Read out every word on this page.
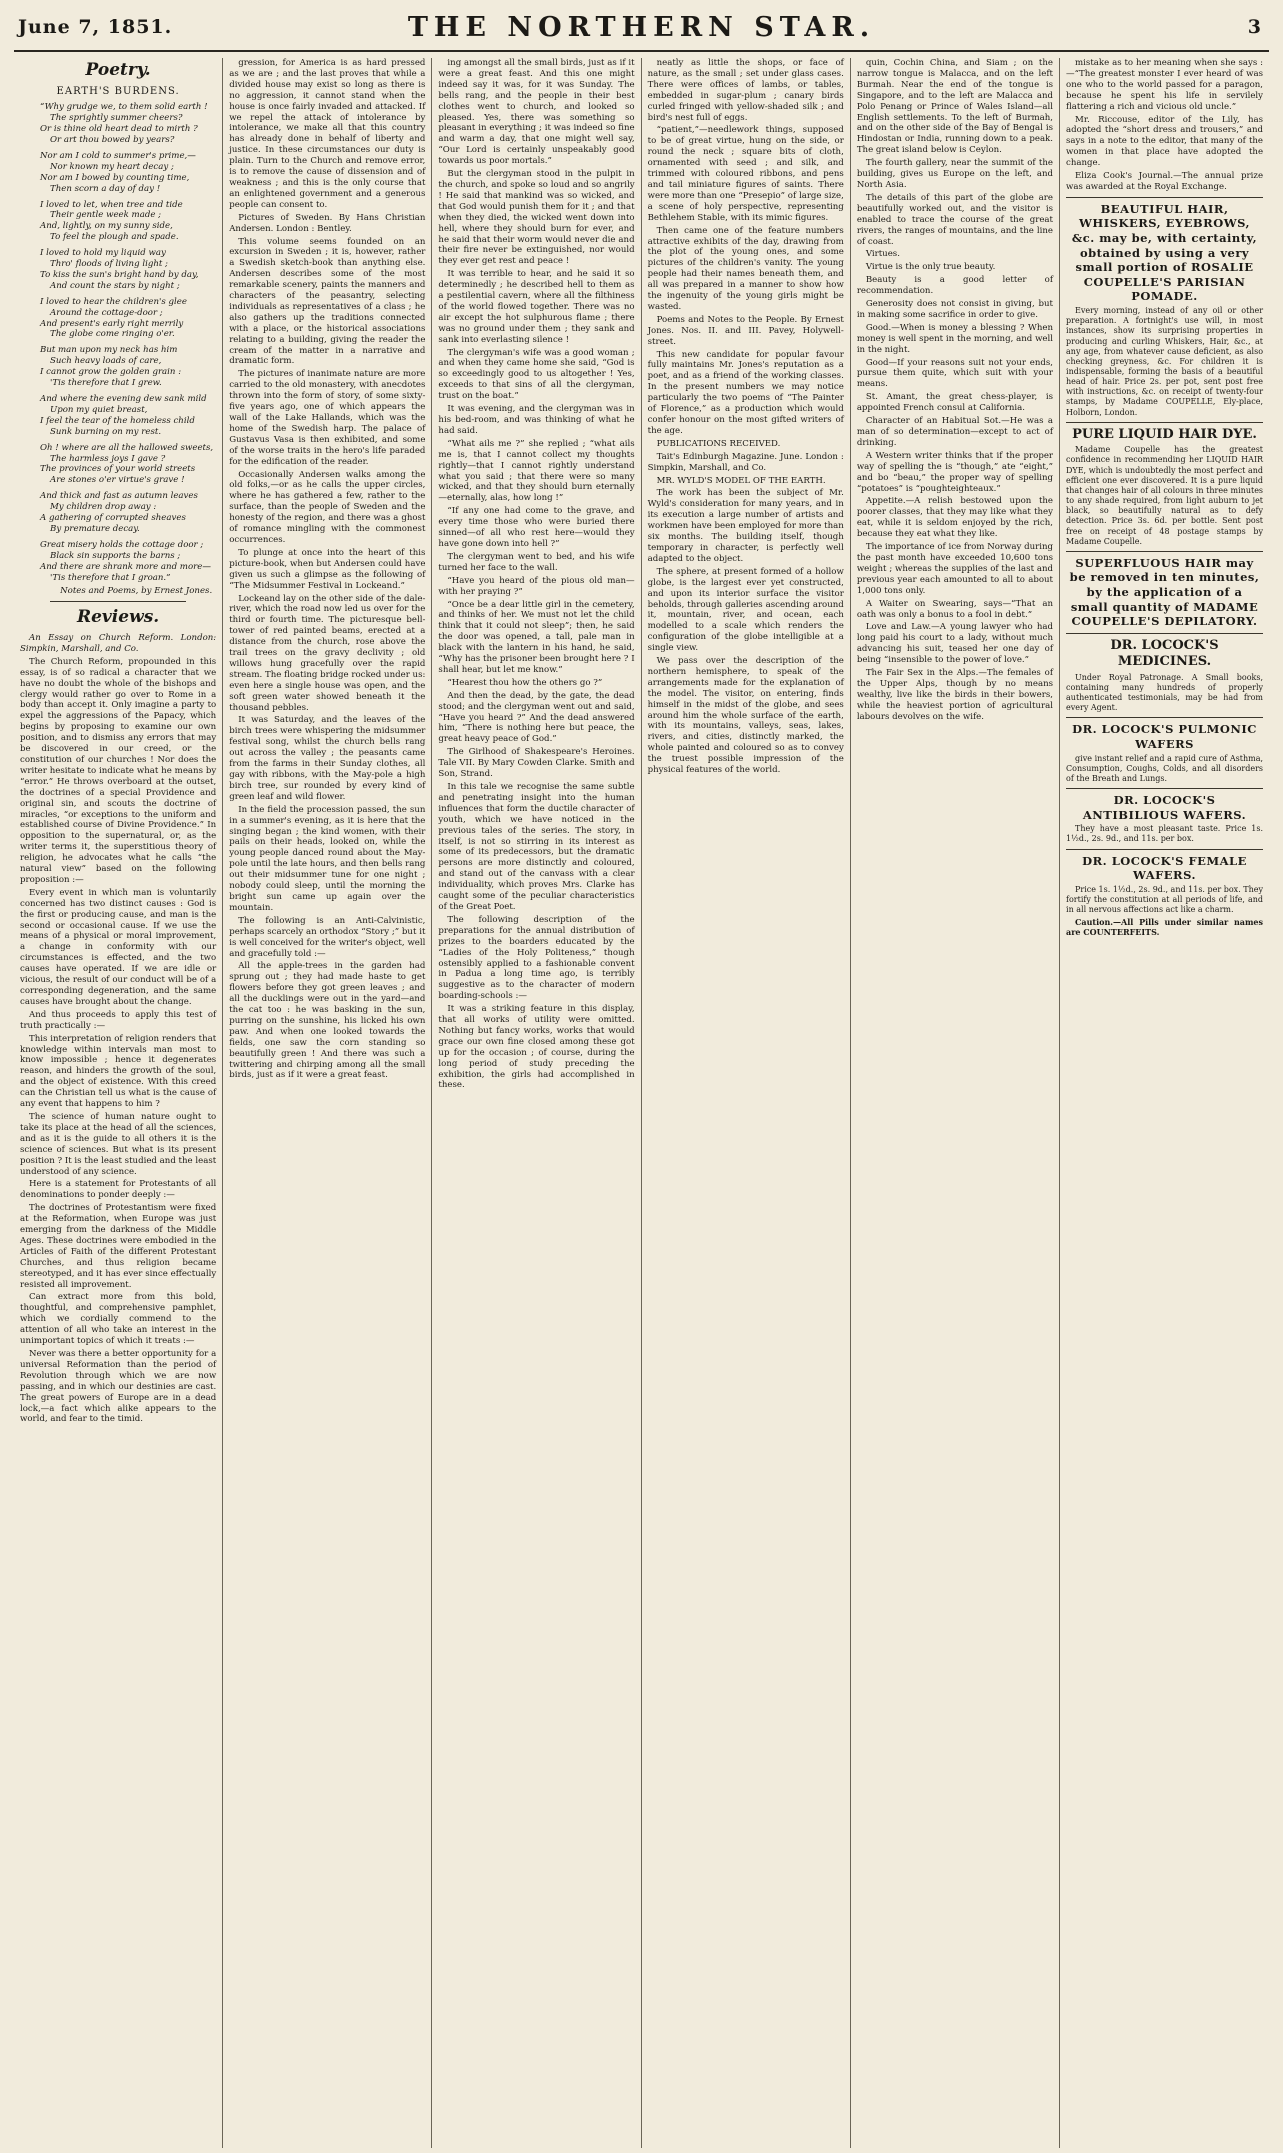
June 7, 1851.	THE NORTHERN STAR.	3
Poetry.
EARTH'S BURDENS.
“Why grudge we, to them solid earth !
The sprightly summer cheers?
Or is thine old heart dead to mirth ?
Or art thou bowed by years?
Nor am I cold to summer's prime,—
Nor known my heart decay ;
Nor am I bowed by counting time,
Then scorn a day of day !
I loved to let, when tree and tide
Their gentle week made ;
And, lightly, on my sunny side,
To feel the plough and spade.
I loved to hold my liquid way
Thro' floods of living light ;
To kiss the sun's bright hand by day,
And count the stars by night ;
I loved to hear the children's glee
Around the cottage-door ;
And present's early right merrily
The globe come ringing o'er.
But man upon my neck has him
Such heavy loads of care,
I cannot grow the golden grain :
'Tis therefore that I grew.
And where the evening dew sank mild
Upon my quiet breast,
I feel the tear of the homeless child
Sunk burning on my rest.
Oh ! where are all the hallowed sweets,
The harmless joys I gave ?
The provinces of your world streets
Are stones o'er virtue's grave !
And thick and fast as autumn leaves
My children drop away :
A gathering of corrupted sheaves
By premature decay.
Great misery holds the cottage door ;
Black sin supports the barns ;
And there are shrank more and more—
'Tis therefore that I groan.”
Notes and Poems, by Ernest Jones.
Reviews.

An Essay on Church Reform. London: Simpkin, Marshall, and Co.

The Church Reform, propounded in this essay, is of so radical a character that we have no doubt the whole of the bishops and clergy would rather go over to Rome in a body than accept it. Only imagine a party to expel the aggressions of the Papacy, which begins by proposing to examine our own position, and to dismiss any errors that may be discovered in our creed, or the constitution of our churches ! Nor does the writer hesitate to indicate what he means by “error.” He throws overboard at the outset, the doctrines of a special Providence and original sin, and scouts the doctrine of miracles, “or exceptions to the uniform and established course of Divine Providence.” In opposition to the supernatural, or, as the writer terms it, the superstitious theory of religion, he advocates what he calls “the natural view” based on the following proposition :—

Every event in which man is voluntarily concerned has two distinct causes : God is the first or producing cause, and man is the second or occasional cause. If we use the means of a physical or moral improvement, a change in conformity with our circumstances is effected, and the two causes have operated. If we are idle or vicious, the result of our conduct will be of a corresponding degeneration, and the same causes have brought about the change.

And thus proceeds to apply this test of truth practically :—

This interpretation of religion renders that knowledge within intervals man most to know impossible ; hence it degenerates reason, and hinders the growth of the soul, and the object of existence. With this creed can the Christian tell us what is the cause of any event that happens to him ?

The science of human nature ought to take its place at the head of all the sciences, and as it is the guide to all others it is the science of sciences. But what is its present position ? It is the least studied and the least understood of any science.

Here is a statement for Protestants of all denominations to ponder deeply :—

The doctrines of Protestantism were fixed at the Reformation, when Europe was just emerging from the darkness of the Middle Ages. These doctrines were embodied in the Articles of Faith of the different Protestant Churches, and thus religion became stereotyped, and it has ever since effectually resisted all improvement.

Can extract more from this bold, thoughtful, and comprehensive pamphlet, which we cordially commend to the attention of all who take an interest in the unimportant topics of which it treats :—

Never was there a better opportunity for a universal Reformation than the period of Revolution through which we are now passing, and in which our destinies are cast. The great powers of Europe are in a dead lock,—a fact which alike appears to the world, and fear to the timid.

gression, for America is as hard pressed as we are ; and the last proves that while a divided house may exist so long as there is no aggression, it cannot stand when the house is once fairly invaded and attacked. If we repel the attack of intolerance by intolerance, we make all that this country has already done in behalf of liberty and justice. In these circumstances our duty is plain. Turn to the Church and remove error, is to remove the cause of dissension and of weakness ; and this is the only course that an enlightened government and a generous people can consent to.

Pictures of Sweden. By Hans Christian Andersen. London : Bentley.

This volume seems founded on an excursion in Sweden ; it is, however, rather a Swedish sketch-book than anything else. Andersen describes some of the most remarkable scenery, paints the manners and characters of the peasantry, selecting individuals as representatives of a class ; he also gathers up the traditions connected with a place, or the historical associations relating to a building, giving the reader the cream of the matter in a narrative and dramatic form.

The pictures of inanimate nature are more carried to the old monastery, with anecdotes thrown into the form of story, of some sixty-five years ago, one of which appears the wall of the Lake Hallands, which was the home of the Swedish harp. The palace of Gustavus Vasa is then exhibited, and some of the worse traits in the hero's life paraded for the edification of the reader.

Occasionally Andersen walks among the old folks,—or as he calls the upper circles, where he has gathered a few, rather to the surface, than the people of Sweden and the honesty of the region, and there was a ghost of romance mingling with the commonest occurrences.

To plunge at once into the heart of this picture-book, when but Andersen could have given us such a glimpse as the following of “The Midsummer Festival in Lockeand.”

Lockeand lay on the other side of the dale-river, which the road now led us over for the third or fourth time. The picturesque bell-tower of red painted beams, erected at a distance from the church, rose above the trail trees on the gravy declivity ; old willows hung gracefully over the rapid stream. The floating bridge rocked under us: even here a single house was open, and the soft green water showed beneath it the thousand pebbles.

It was Saturday, and the leaves of the birch trees were whispering the midsummer festival song, whilst the church bells rang out across the valley ; the peasants came from the farms in their Sunday clothes, all gay with ribbons, with the May-pole a high birch tree, sur rounded by every kind of green leaf and wild flower.

In the field the procession passed, the sun in a summer's evening, as it is here that the singing began ; the kind women, with their pails on their heads, looked on, while the young people danced round about the May-pole until the late hours, and then bells rang out their midsummer tune for one night ; nobody could sleep, until the morning the bright sun came up again over the mountain.

The following is an Anti-Calvinistic, perhaps scarcely an orthodox “Story ;” but it is well conceived for the writer's object, well and gracefully told :—

All the apple-trees in the garden had sprung out ; they had made haste to get flowers before they got green leaves ; and all the ducklings were out in the yard—and the cat too : he was basking in the sun, purring on the sunshine, his licked his own paw. And when one looked towards the fields, one saw the corn standing so beautifully green ! And there was such a twittering and chirping among all the small birds, just as if it were a great feast.

ing amongst all the small birds, just as if it were a great feast. And this one might indeed say it was, for it was Sunday. The bells rang, and the people in their best clothes went to church, and looked so pleased. Yes, there was something so pleasant in everything ; it was indeed so fine and warm a day, that one might well say, “Our Lord is certainly unspeakably good towards us poor mortals.”

But the clergyman stood in the pulpit in the church, and spoke so loud and so angrily ! He said that mankind was so wicked, and that God would punish them for it ; and that when they died, the wicked went down into hell, where they should burn for ever, and he said that their worm would never die and their fire never be extinguished, nor would they ever get rest and peace !

It was terrible to hear, and he said it so determinedly ; he described hell to them as a pestilential cavern, where all the filthiness of the world flowed together. There was no air except the hot sulphurous flame ; there was no ground under them ; they sank and sank into everlasting silence !

The clergyman's wife was a good woman ; and when they came home she said, “God is so exceedingly good to us altogether ! Yes, exceeds to that sins of all the clergyman, trust on the boat.”

It was evening, and the clergyman was in his bed-room, and was thinking of what he had said.

“What ails me ?” she replied ; “what ails me is, that I cannot collect my thoughts rightly—that I cannot rightly understand what you said ; that there were so many wicked, and that they should burn eternally—eternally, alas, how long !”

“If any one had come to the grave, and every time those who were buried there sinned—of all who rest here—would they have gone down into hell ?”

The clergyman went to bed, and his wife turned her face to the wall.

“Have you heard of the pious old man—with her praying ?”

“Once be a dear little girl in the cemetery, and thinks of her. We must not let the child think that it could not sleep”; then, he said the door was opened, a tall, pale man in black with the lantern in his hand, he said, “Why has the prisoner been brought here ? I shall hear, but let me know.”

“Hearest thou how the others go ?”

And then the dead, by the gate, the dead stood; and the clergyman went out and said, “Have you heard ?” And the dead answered him, “There is nothing here but peace, the great heavy peace of God.”

The Girlhood of Shakespeare's Heroines. Tale VII. By Mary Cowden Clarke. Smith and Son, Strand.

In this tale we recognise the same subtle and penetrating insight into the human influences that form the ductile character of youth, which we have noticed in the previous tales of the series. The story, in itself, is not so stirring in its interest as some of its predecessors, but the dramatic persons are more distinctly and coloured, and stand out of the canvass with a clear individuality, which proves Mrs. Clarke has caught some of the peculiar characteristics of the Great Poet.

The following description of the preparations for the annual distribution of prizes to the boarders educated by the “Ladies of the Holy Politeness,” though ostensibly applied to a fashionable convent in Padua a long time ago, is terribly suggestive as to the character of modern boarding-schools :—

It was a striking feature in this display, that all works of utility were omitted. Nothing but fancy works, works that would grace our own fine closed among these got up for the occasion ; of course, during the long period of study preceding the exhibition, the girls had accomplished in these.

neatly as little the shops, or face of nature, as the small ; set under glass cases. There were offices of lambs, or tables, embedded in sugar-plum ; canary birds curled fringed with yellow-shaded silk ; and bird's nest full of eggs.

“patient,”—needlework things, supposed to be of great virtue, hung on the side, or round the neck ; square bits of cloth, ornamented with seed ; and silk, and trimmed with coloured ribbons, and pens and tail miniature figures of saints. There were more than one “Presepio” of large size, a scene of holy perspective, representing Bethlehem Stable, with its mimic figures.

Then came one of the feature numbers attractive exhibits of the day, drawing from the plot of the young ones, and some pictures of the children's vanity. The young people had their names beneath them, and all was prepared in a manner to show how the ingenuity of the young girls might be wasted.

Poems and Notes to the People. By Ernest Jones. Nos. II. and III. Pavey, Holywell-street.

This new candidate for popular favour fully maintains Mr. Jones's reputation as a poet, and as a friend of the working classes. In the present numbers we may notice particularly the two poems of “The Painter of Florence,” as a production which would confer honour on the most gifted writers of the age.

PUBLICATIONS RECEIVED.

Tait's Edinburgh Magazine. June. London : Simpkin, Marshall, and Co.

MR. WYLD'S MODEL OF THE EARTH.

The work has been the subject of Mr. Wyld's consideration for many years, and in its execution a large number of artists and workmen have been employed for more than six months. The building itself, though temporary in character, is perfectly well adapted to the object.

The sphere, at present formed of a hollow globe, is the largest ever yet constructed, and upon its interior surface the visitor beholds, through galleries ascending around it, mountain, river, and ocean, each modelled to a scale which renders the configuration of the globe intelligible at a single view.

We pass over the description of the northern hemisphere, to speak of the arrangements made for the explanation of the model. The visitor, on entering, finds himself in the midst of the globe, and sees around him the whole surface of the earth, with its mountains, valleys, seas, lakes, rivers, and cities, distinctly marked, the whole painted and coloured so as to convey the truest possible impression of the physical features of the world.

quin, Cochin China, and Siam ; on the narrow tongue is Malacca, and on the left Burmah. Near the end of the tongue is Singapore, and to the left are Malacca and Polo Penang or Prince of Wales Island—all English settlements. To the left of Burmah, and on the other side of the Bay of Bengal is Hindostan or India, running down to a peak. The great island below is Ceylon.

The fourth gallery, near the summit of the building, gives us Europe on the left, and North Asia.

The details of this part of the globe are beautifully worked out, and the visitor is enabled to trace the course of the great rivers, the ranges of mountains, and the line of coast.

Virtues.

Virtue is the only true beauty.

Beauty is a good letter of recommendation.

Generosity does not consist in giving, but in making some sacrifice in order to give.

Good.—When is money a blessing ? When money is well spent in the morning, and well in the night.

Good—If your reasons suit not your ends, pursue them quite, which suit with your means.

St. Amant, the great chess-player, is appointed French consul at California.

Character of an Habitual Sot.—He was a man of so determination—except to act of drinking.

A Western writer thinks that if the proper way of spelling the is “though,” ate “eight,” and bo “beau,” the proper way of spelling “potatoes” is “poughteighteaux.”

Appetite.—A relish bestowed upon the poorer classes, that they may like what they eat, while it is seldom enjoyed by the rich, because they eat what they like.

The importance of ice from Norway during the past month have exceeded 10,600 tons weight ; whereas the supplies of the last and previous year each amounted to all to about 1,000 tons only.

A Waiter on Swearing, says—“That an oath was only a bonus to a fool in debt.”

Love and Law.—A young lawyer who had long paid his court to a lady, without much advancing his suit, teased her one day of being “insensible to the power of love.”

The Fair Sex in the Alps.—The females of the Upper Alps, though by no means wealthy, live like the birds in their bowers, while the heaviest portion of agricultural labours devolves on the wife.

mistake as to her meaning when she says :—“The greatest monster I ever heard of was one who to the world passed for a paragon, because he spent his life in servilely flattering a rich and vicious old uncle.”

Mr. Riccouse, editor of the Lily, has adopted the “short dress and trousers,” and says in a note to the editor, that many of the women in that place have adopted the change.

Eliza Cook's Journal.—The annual prize was awarded at the Royal Exchange.

BEAUTIFUL HAIR, WHISKERS, EYEBROWS, &c. may be, with certainty, obtained by using a very small portion of ROSALIE COUPELLE'S PARISIAN POMADE.

Every morning, instead of any oil or other preparation. A fortnight's use will, in most instances, show its surprising properties in producing and curling Whiskers, Hair, &c., at any age, from whatever cause deficient, as also checking greyness, &c. For children it is indispensable, forming the basis of a beautiful head of hair. Price 2s. per pot, sent post free with instructions, &c. on receipt of twenty-four stamps, by Madame COUPELLE, Ely-place, Holborn, London.

PURE LIQUID HAIR DYE.

Madame Coupelle has the greatest confidence in recommending her LIQUID HAIR DYE, which is undoubtedly the most perfect and efficient one ever discovered. It is a pure liquid that changes hair of all colours in three minutes to any shade required, from light auburn to jet black, so beautifully natural as to defy detection. Price 3s. 6d. per bottle. Sent post free on receipt of 48 postage stamps by Madame Coupelle.

SUPERFLUOUS HAIR may be removed in ten minutes, by the application of a small quantity of MADAME COUPELLE'S DEPILATORY.
DR. LOCOCK'S MEDICINES.

Under Royal Patronage. A Small books, containing many hundreds of properly authenticated testimonials, may be had from every Agent.

DR. LOCOCK'S PULMONIC WAFERS

give instant relief and a rapid cure of Asthma, Consumption, Coughs, Colds, and all disorders of the Breath and Lungs.

DR. LOCOCK'S ANTIBILIOUS WAFERS.

They have a most pleasant taste. Price 1s. 1½d., 2s. 9d., and 11s. per box.

DR. LOCOCK'S FEMALE WAFERS.

Price 1s. 1½d., 2s. 9d., and 11s. per box. They fortify the constitution at all periods of life, and in all nervous affections act like a charm.

Caution.—All Pills under similar names are COUNTERFEITS.
